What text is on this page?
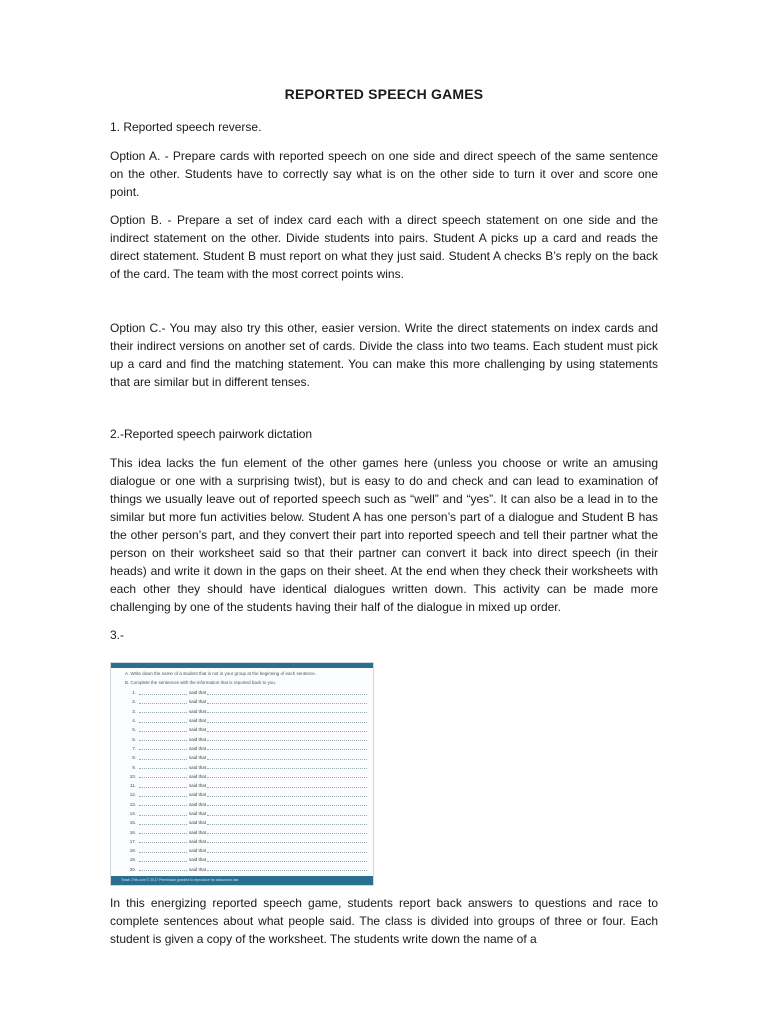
REPORTED SPEECH GAMES

1. Reported speech reverse.

Option A. - Prepare cards with reported speech on one side and direct speech of the same sentence on the other. Students have to correctly say what is on the other side to turn it over and score one point.

Option B. - Prepare a set of index card each with a direct speech statement on one side and the indirect statement on the other. Divide students into pairs. Student A picks up a card and reads the direct statement. Student B must report on what they just said. Student A checks B’s reply on the back of the card. The team with the most correct points wins.

Option C.- You may also try this other, easier version. Write the direct statements on index cards and their indirect versions on another set of cards. Divide the class into two teams. Each student must pick up a card and find the matching statement. You can make this more challenging by using statements that are similar but in different tenses.

2.-Reported speech pairwork dictation

This idea lacks the fun element of the other games here (unless you choose or write an amusing dialogue or one with a surprising twist), but is easy to do and check and can lead to examination of things we usually leave out of reported speech such as “well” and “yes”. It can also be a lead in to the similar but more fun activities below. Student A has one person’s part of a dialogue and Student B has the other person’s part, and they convert their part into reported speech and tell their partner what the person on their worksheet said so that their partner can convert it back into direct speech (in their heads) and write it down in the gaps on their sheet. At the end when they check their worksheets with each other they should have identical dialogues written down. This activity can be made more challenging by one of the students having their half of the dialogue in mixed up order.

3.-

A. Write down the name of a student that is not in your group at the beginning of each sentence.
B. Complete the sentences with the information that is reported back to you.
1.	said that
2.	said that
3.	said that
4.	said that
5.	said that
6.	said that
7.	said that
8.	said that
9.	said that
10.	said that
11.	said that
12.	said that
13.	said that
14.	said that
15.	said that
16.	said that
17.	said that
18.	said that
19.	said that
20.	said that
Teach-This.com © 2017 Permission granted to reproduce for classroom use.

In this energizing reported speech game, students report back answers to questions and race to complete sentences about what people said. The class is divided into groups of three or four. Each student is given a copy of the worksheet. The students write down the name of a
